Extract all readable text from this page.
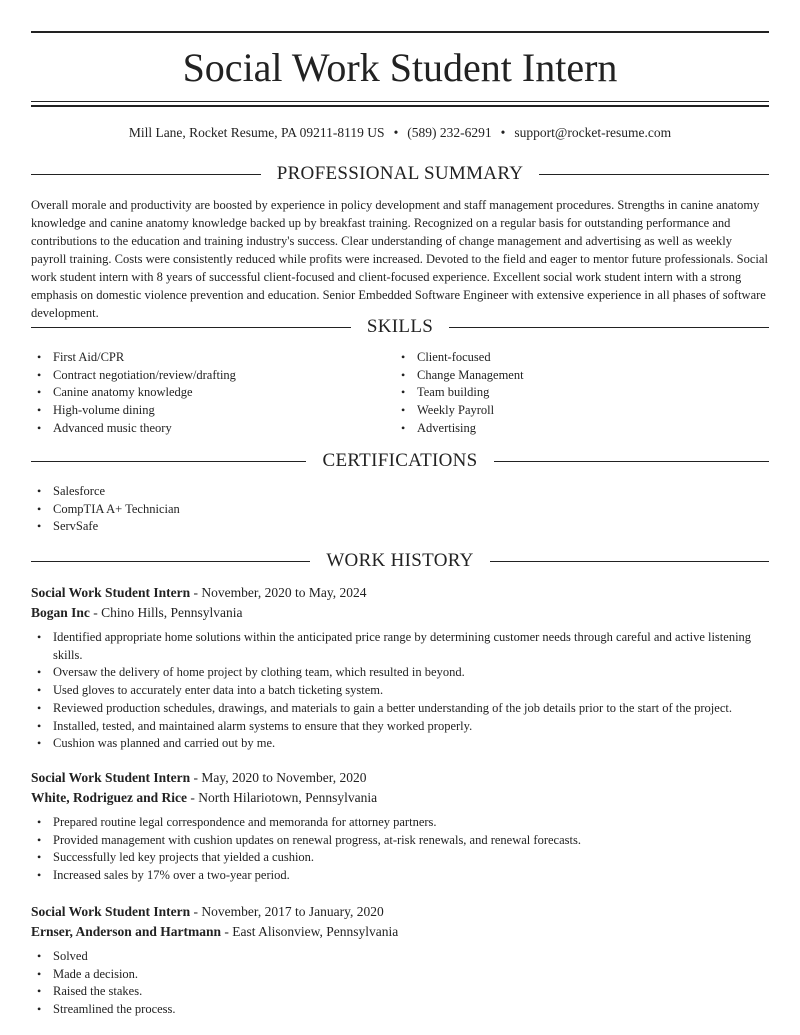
Social Work Student Intern
Mill Lane, Rocket Resume, PA 09211-8119 US • (589) 232-6291 • support@rocket-resume.com
PROFESSIONAL SUMMARY

Overall morale and productivity are boosted by experience in policy development and staff management procedures. Strengths in canine anatomy knowledge and canine anatomy knowledge backed up by breakfast training. Recognized on a regular basis for outstanding performance and contributions to the education and training industry's success. Clear understanding of change management and advertising as well as weekly payroll training. Costs were consistently reduced while profits were increased. Devoted to the field and eager to mentor future professionals. Social work student intern with 8 years of successful client-focused and client-focused experience. Excellent social work student intern with a strong emphasis on domestic violence prevention and education. Senior Embedded Software Engineer with extensive experience in all phases of software development.

SKILLS
• First Aid/CPR
• Contract negotiation/review/drafting
• Canine anatomy knowledge
• High-volume dining
• Advanced music theory
• Client-focused
• Change Management
• Team building
• Weekly Payroll
• Advertising
CERTIFICATIONS
• Salesforce
• CompTIA A+ Technician
• ServSafe
WORK HISTORY
Social Work Student Intern - November, 2020 to May, 2024
Bogan Inc - Chino Hills, Pennsylvania
• Identified appropriate home solutions within the anticipated price range by determining customer needs through careful and active listening skills.
• Oversaw the delivery of home project by clothing team, which resulted in beyond.
• Used gloves to accurately enter data into a batch ticketing system.
• Reviewed production schedules, drawings, and materials to gain a better understanding of the job details prior to the start of the project.
• Installed, tested, and maintained alarm systems to ensure that they worked properly.
• Cushion was planned and carried out by me.
Social Work Student Intern - May, 2020 to November, 2020
White, Rodriguez and Rice - North Hilariotown, Pennsylvania
• Prepared routine legal correspondence and memoranda for attorney partners.
• Provided management with cushion updates on renewal progress, at-risk renewals, and renewal forecasts.
• Successfully led key projects that yielded a cushion.
• Increased sales by 17% over a two-year period.
Social Work Student Intern - November, 2017 to January, 2020
Ernser, Anderson and Hartmann - East Alisonview, Pennsylvania
• Solved
• Made a decision.
• Raised the stakes.
• Streamlined the process.
